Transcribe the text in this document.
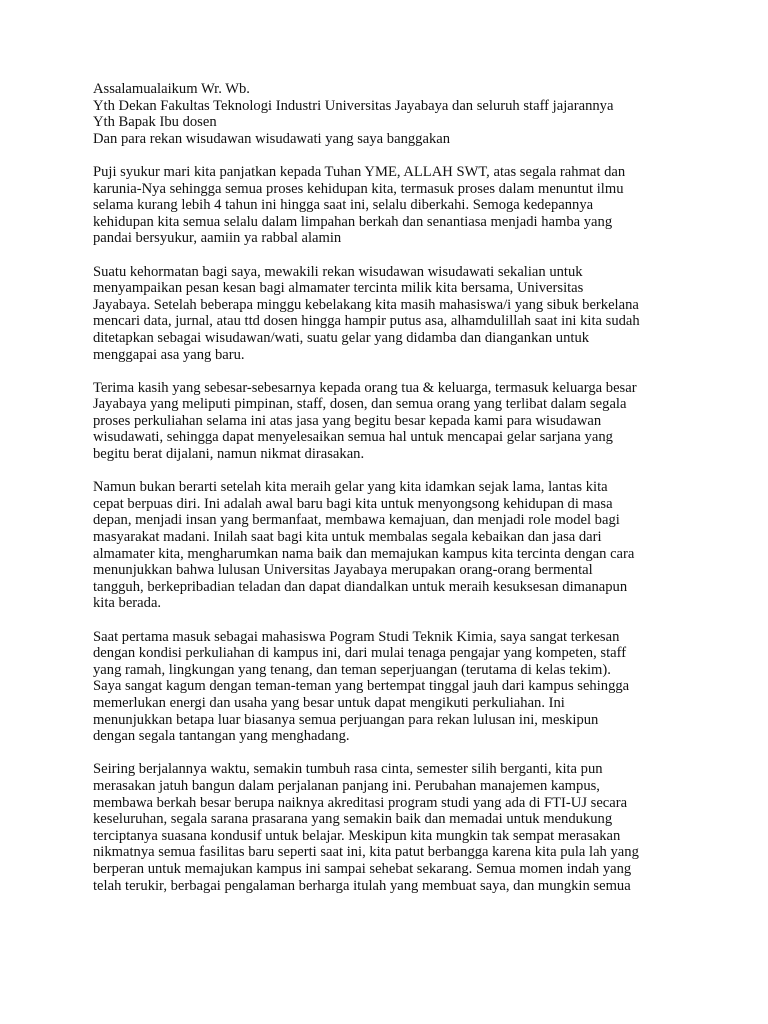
Assalamualaikum Wr. Wb.
Yth Dekan Fakultas Teknologi Industri Universitas Jayabaya dan seluruh staff jajarannya
Yth Bapak Ibu dosen
Dan para rekan wisudawan wisudawati yang saya banggakan
Puji syukur mari kita panjatkan kepada Tuhan YME, ALLAH SWT, atas segala rahmat dan
karunia-Nya sehingga semua proses kehidupan kita, termasuk proses dalam menuntut ilmu
selama kurang lebih 4 tahun ini hingga saat ini, selalu diberkahi. Semoga kedepannya
kehidupan kita semua selalu dalam limpahan berkah dan senantiasa menjadi hamba yang
pandai bersyukur, aamiin ya rabbal alamin
Suatu kehormatan bagi saya, mewakili rekan wisudawan wisudawati sekalian untuk
menyampaikan pesan kesan bagi almamater tercinta milik kita bersama, Universitas
Jayabaya. Setelah beberapa minggu kebelakang kita masih mahasiswa/i yang sibuk berkelana
mencari data, jurnal, atau ttd dosen hingga hampir putus asa, alhamdulillah saat ini kita sudah
ditetapkan sebagai wisudawan/wati, suatu gelar yang didamba dan diangankan untuk
menggapai asa yang baru.
Terima kasih yang sebesar-sebesarnya kepada orang tua & keluarga, termasuk keluarga besar
Jayabaya yang meliputi pimpinan, staff, dosen, dan semua orang yang terlibat dalam segala
proses perkuliahan selama ini atas jasa yang begitu besar kepada kami para wisudawan
wisudawati, sehingga dapat menyelesaikan semua hal untuk mencapai gelar sarjana yang
begitu berat dijalani, namun nikmat dirasakan.
Namun bukan berarti setelah kita meraih gelar yang kita idamkan sejak lama, lantas kita
cepat berpuas diri. Ini adalah awal baru bagi kita untuk menyongsong kehidupan di masa
depan, menjadi insan yang bermanfaat, membawa kemajuan, dan menjadi role model bagi
masyarakat madani. Inilah saat bagi kita untuk membalas segala kebaikan dan jasa dari
almamater kita, mengharumkan nama baik dan memajukan kampus kita tercinta dengan cara
menunjukkan bahwa lulusan Universitas Jayabaya merupakan orang-orang bermental
tangguh, berkepribadian teladan dan dapat diandalkan untuk meraih kesuksesan dimanapun
kita berada.
Saat pertama masuk sebagai mahasiswa Pogram Studi Teknik Kimia, saya sangat terkesan
dengan kondisi perkuliahan di kampus ini, dari mulai tenaga pengajar yang kompeten, staff
yang ramah, lingkungan yang tenang, dan teman seperjuangan (terutama di kelas tekim).
Saya sangat kagum dengan teman-teman yang bertempat tinggal jauh dari kampus sehingga
memerlukan energi dan usaha yang besar untuk dapat mengikuti perkuliahan. Ini
menunjukkan betapa luar biasanya semua perjuangan para rekan lulusan ini, meskipun
dengan segala tantangan yang menghadang.
Seiring berjalannya waktu, semakin tumbuh rasa cinta, semester silih berganti, kita pun
merasakan jatuh bangun dalam perjalanan panjang ini. Perubahan manajemen kampus,
membawa berkah besar berupa naiknya akreditasi program studi yang ada di FTI-UJ secara
keseluruhan, segala sarana prasarana yang semakin baik dan memadai untuk mendukung
terciptanya suasana kondusif untuk belajar. Meskipun kita mungkin tak sempat merasakan
nikmatnya semua fasilitas baru seperti saat ini, kita patut berbangga karena kita pula lah yang
berperan untuk memajukan kampus ini sampai sehebat sekarang. Semua momen indah yang
telah terukir, berbagai pengalaman berharga itulah yang membuat saya, dan mungkin semua
